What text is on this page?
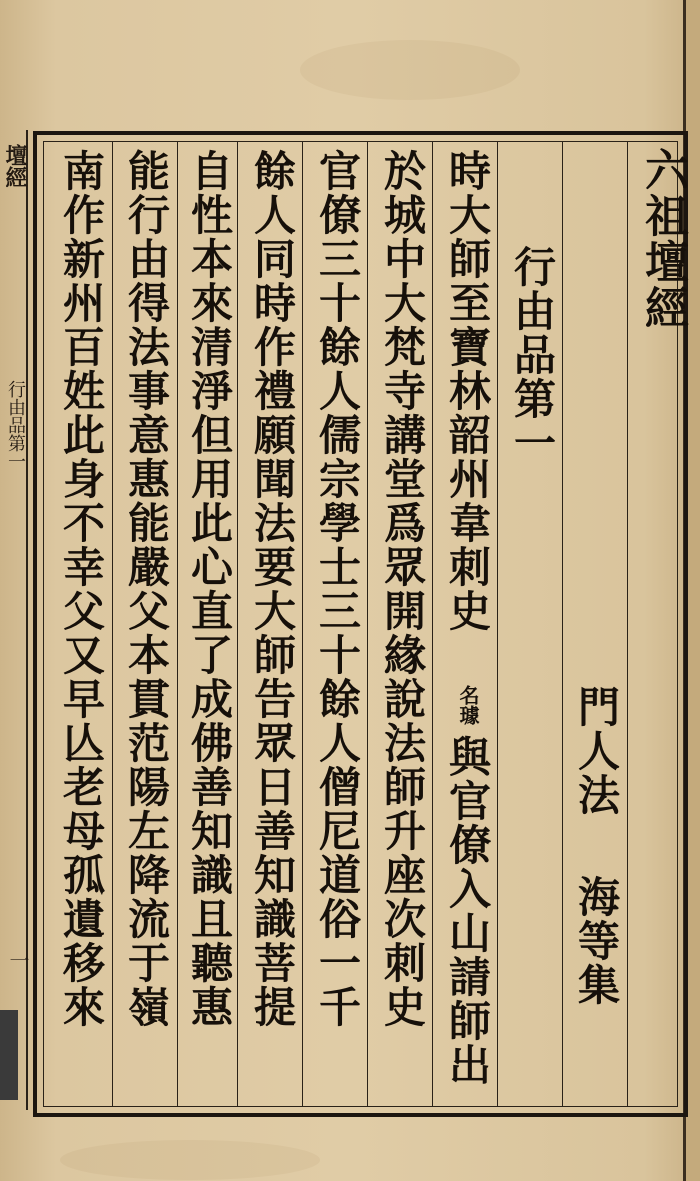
壇經
行由品第一
一
六祖壇經
門人法
海等集
行由品第一
時大師至寶林韶州韋刺史
名璩
與官僚入山請師出
於城中大梵寺講堂爲眾開緣說法師升座次刺史
官僚三十餘人儒宗學士三十餘人僧尼道俗一千
餘人同時作禮願聞法要大師告眾日善知識菩提
自性本來清淨但用此心直了成佛善知識且聽惠
能行由得法事意惠能嚴父本貫范陽左降流于嶺
南作新州百姓此身不幸父又早亾老母孤遺移來
